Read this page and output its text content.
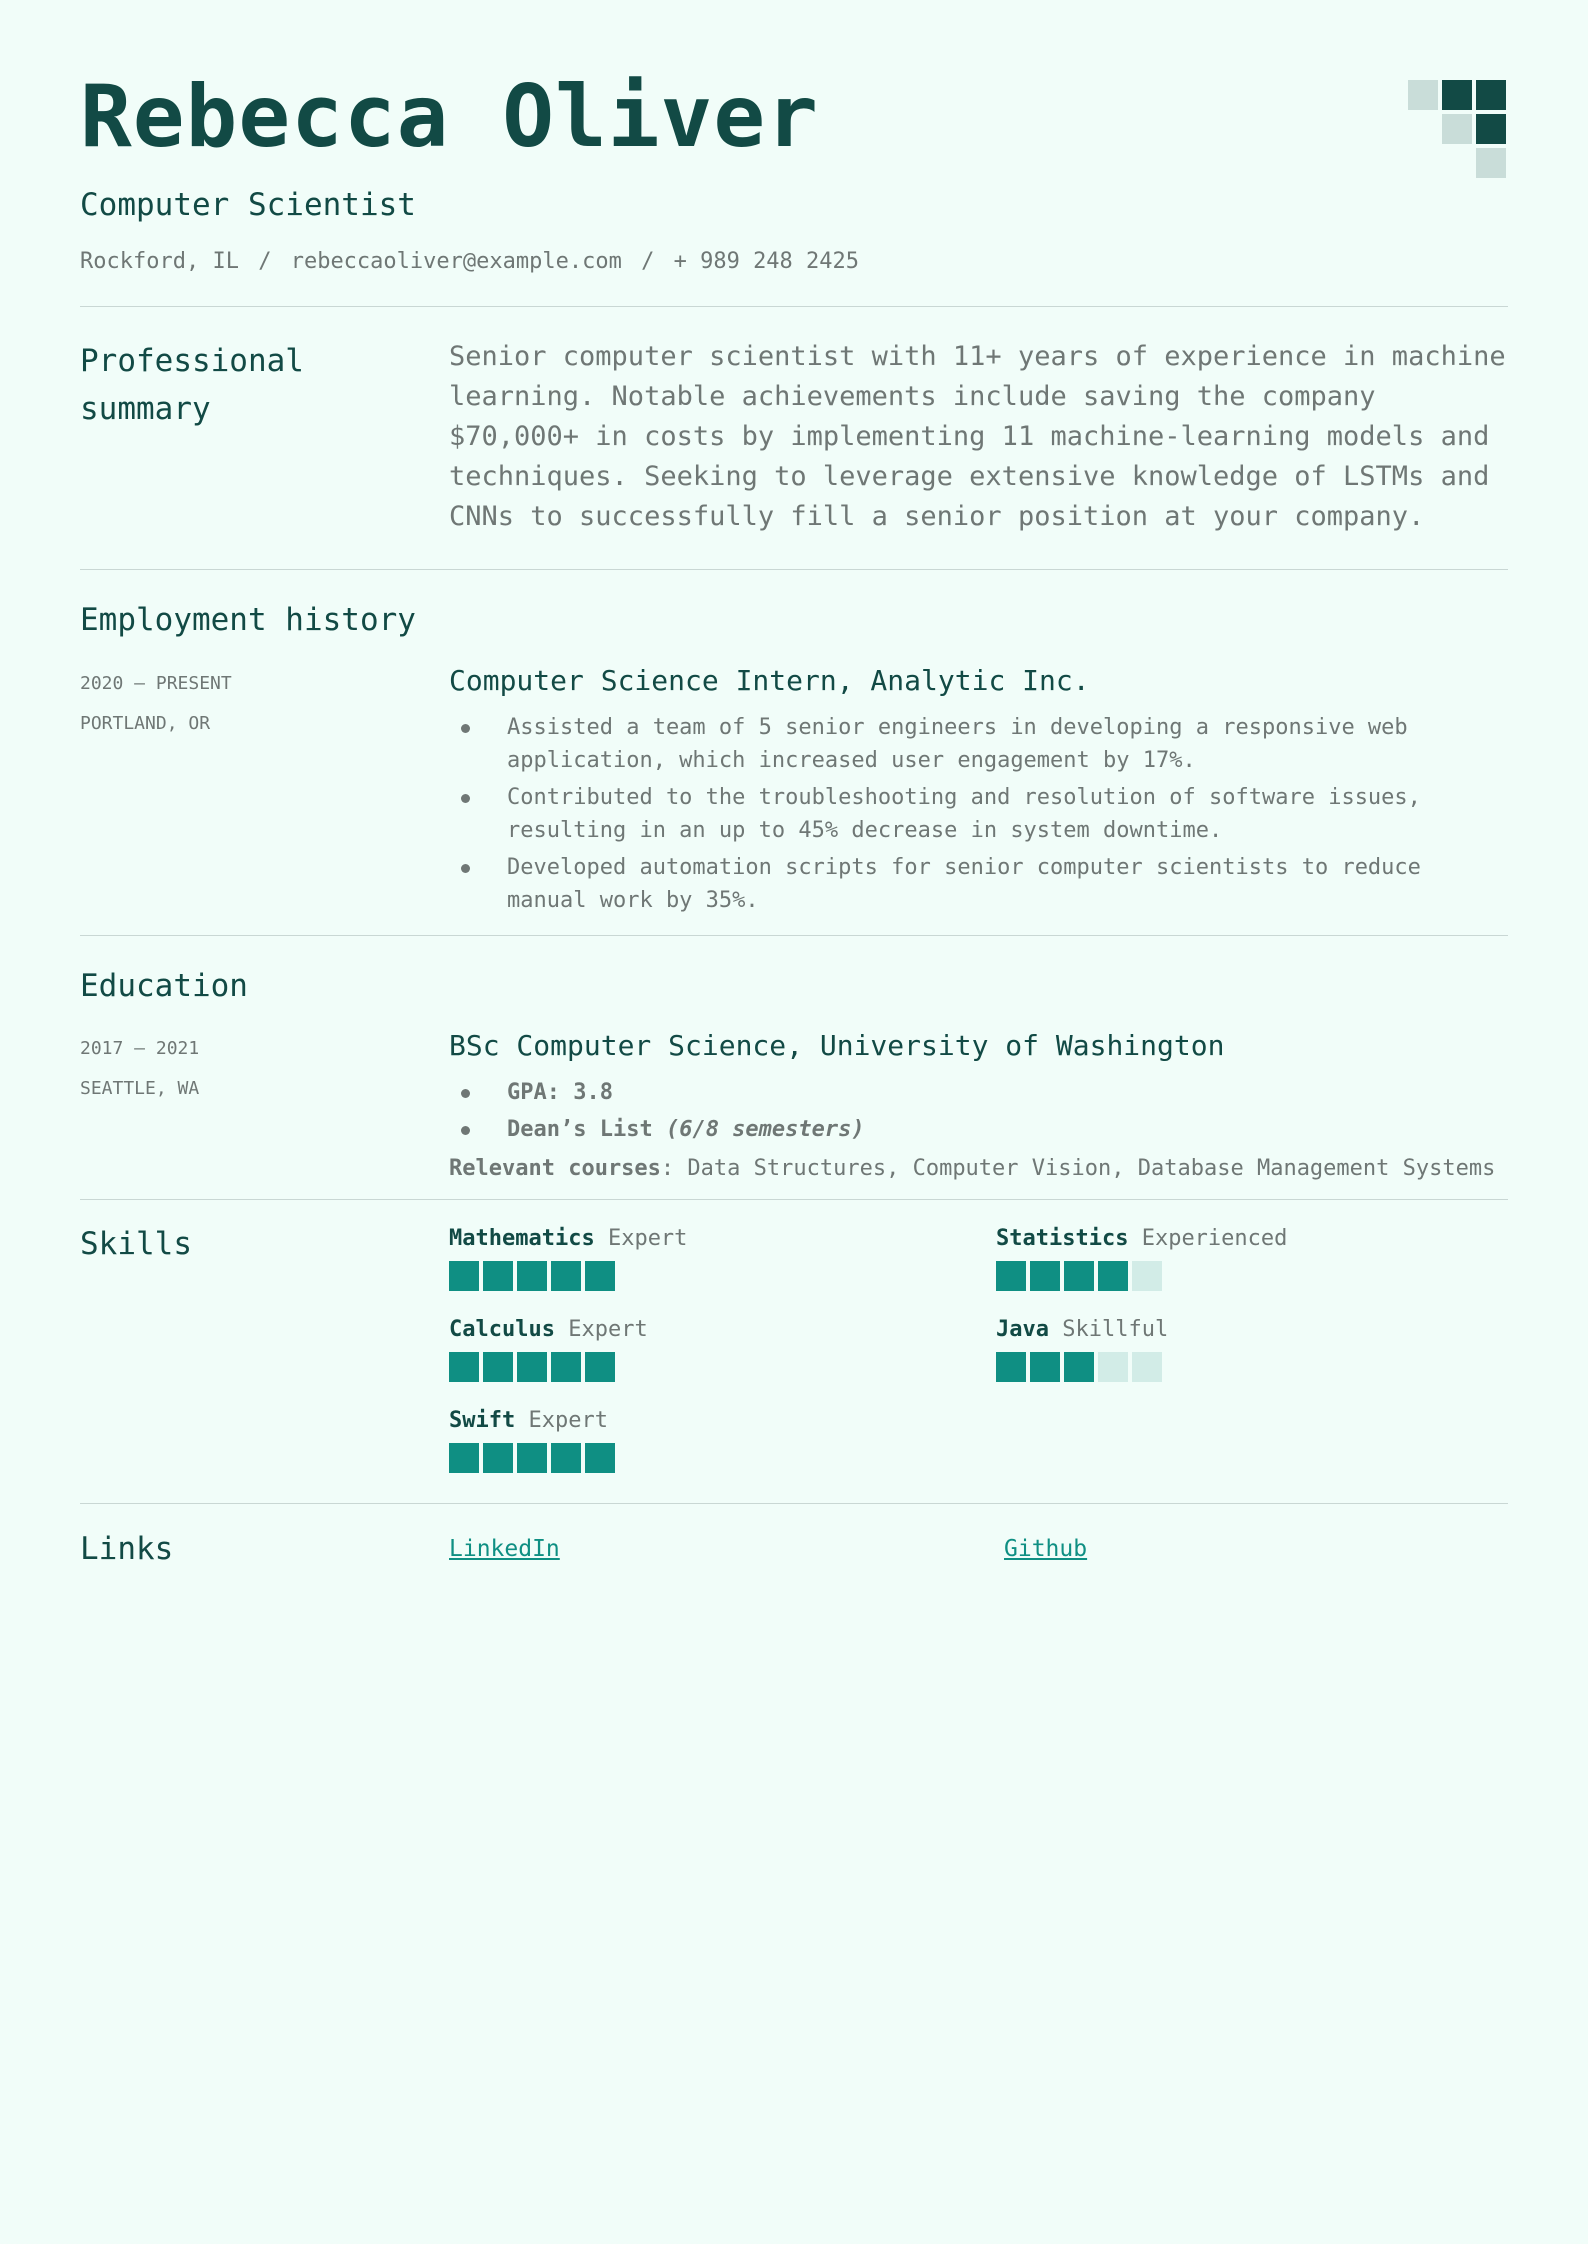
Rebecca Oliver
Computer Scientist
Rockford, IL / rebeccaoliver@example.com / + 989 248 2425
Professional summary
Senior computer scientist with 11+ years of experience in machine learning. Notable achievements include saving the company $70,000+ in costs by implementing 11 machine-learning models and techniques. Seeking to leverage extensive knowledge of LSTMs and CNNs to successfully fill a senior position at your company.
Employment history
2020 — PRESENT
PORTLAND, OR
Computer Science Intern, Analytic Inc.
Assisted a team of 5 senior engineers in developing a responsive web application, which increased user engagement by 17%.
Contributed to the troubleshooting and resolution of software issues, resulting in an up to 45% decrease in system downtime.
Developed automation scripts for senior computer scientists to reduce manual work by 35%.
Education
2017 — 2021
SEATTLE, WA
BSc Computer Science, University of Washington
GPA: 3.8
Dean’s List (6/8 semesters)
Relevant courses: Data Structures, Computer Vision, Database Management Systems
Skills	Mathematics Expert	Statistics Experienced
Calculus Expert	Java Skillful
Swift Expert
Links	LinkedIn	Github
